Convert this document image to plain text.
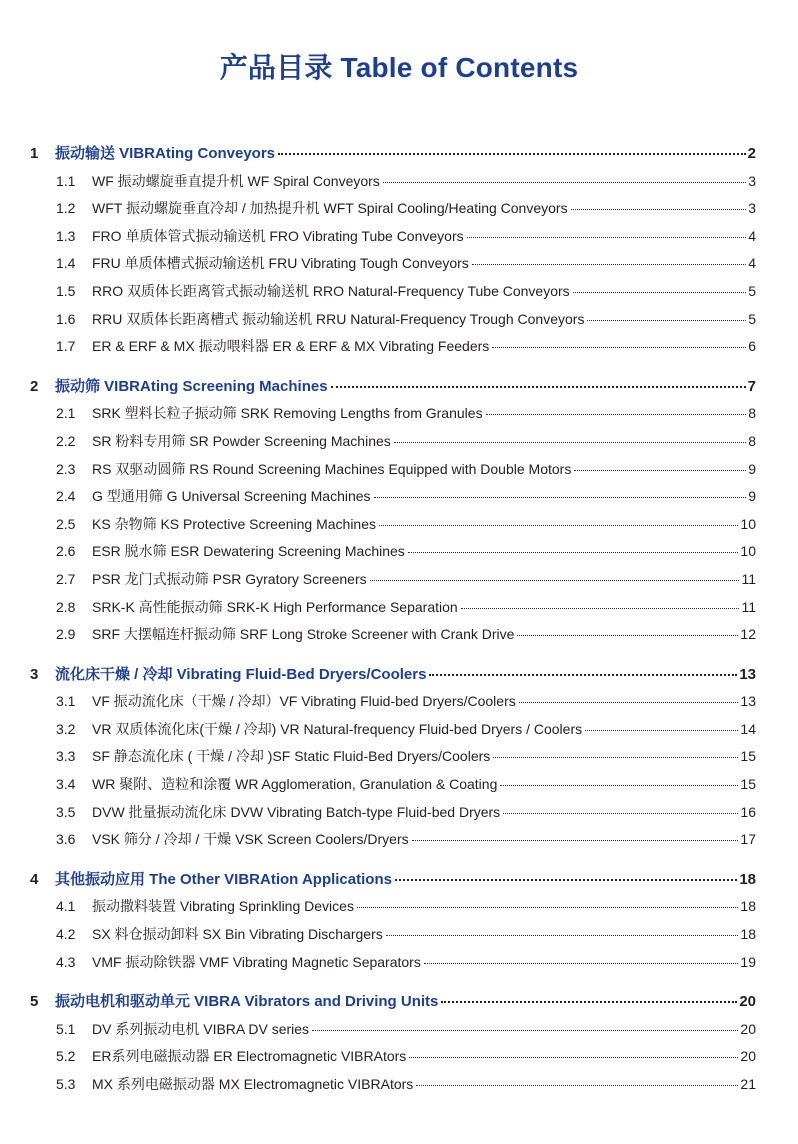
产品目录 Table of Contents
1	振动输送 VIBRAting Conveyors	2
1.1	WF 振动螺旋垂直提升机 WF Spiral Conveyors	3
1.2	WFT 振动螺旋垂直冷却 / 加热提升机 WFT Spiral Cooling/Heating Conveyors	3
1.3	FRO 单质体管式振动输送机 FRO Vibrating Tube Conveyors	4
1.4	FRU 单质体槽式振动输送机 FRU Vibrating Tough Conveyors	4
1.5	RRO 双质体长距离管式振动输送机 RRO Natural-Frequency Tube Conveyors	5
1.6	RRU 双质体长距离槽式 振动输送机 RRU Natural-Frequency Trough Conveyors	5
1.7	ER & ERF & MX 振动喂料器 ER & ERF & MX Vibrating Feeders	6
2	振动筛 VIBRAting Screening Machines	7
2.1	SRK 塑料长粒子振动筛 SRK Removing Lengths from Granules	8
2.2	SR 粉料专用筛 SR Powder Screening Machines	8
2.3	RS 双驱动圆筛 RS Round Screening Machines Equipped with Double Motors	9
2.4	G 型通用筛 G Universal Screening Machines	9
2.5	KS 杂物筛 KS Protective Screening Machines	10
2.6	ESR 脱水筛 ESR Dewatering Screening Machines	10
2.7	PSR 龙门式振动筛 PSR Gyratory Screeners	11
2.8	SRK-K 高性能振动筛 SRK-K High Performance Separation	11
2.9	SRF 大摆幅连杆振动筛 SRF Long Stroke Screener with Crank Drive	12
3	流化床干燥 / 冷却 Vibrating Fluid-Bed Dryers/Coolers	13
3.1	VF 振动流化床（干燥 / 冷却）VF Vibrating Fluid-bed Dryers/Coolers	13
3.2	VR 双质体流化床(干燥 / 冷却) VR Natural-frequency Fluid-bed Dryers / Coolers	14
3.3	SF 静态流化床 ( 干燥 / 冷却 )SF Static Fluid-Bed Dryers/Coolers	15
3.4	WR 聚附、造粒和涂覆 WR Agglomeration, Granulation & Coating	15
3.5	DVW 批量振动流化床 DVW Vibrating Batch-type Fluid-bed Dryers	16
3.6	VSK 筛分 / 冷却 / 干燥 VSK Screen Coolers/Dryers	17
4	其他振动应用 The Other VIBRAtion Applications	18
4.1	振动撒料装置 Vibrating Sprinkling Devices	18
4.2	SX 料仓振动卸料 SX Bin Vibrating Dischargers	18
4.3	VMF 振动除铁器 VMF Vibrating Magnetic Separators	19
5	振动电机和驱动单元 VIBRA Vibrators and Driving Units	20
5.1	DV 系列振动电机 VIBRA DV series	20
5.2	ER系列电磁振动器 ER Electromagnetic VIBRAtors	20
5.3	MX 系列电磁振动器 MX Electromagnetic VIBRAtors	21
